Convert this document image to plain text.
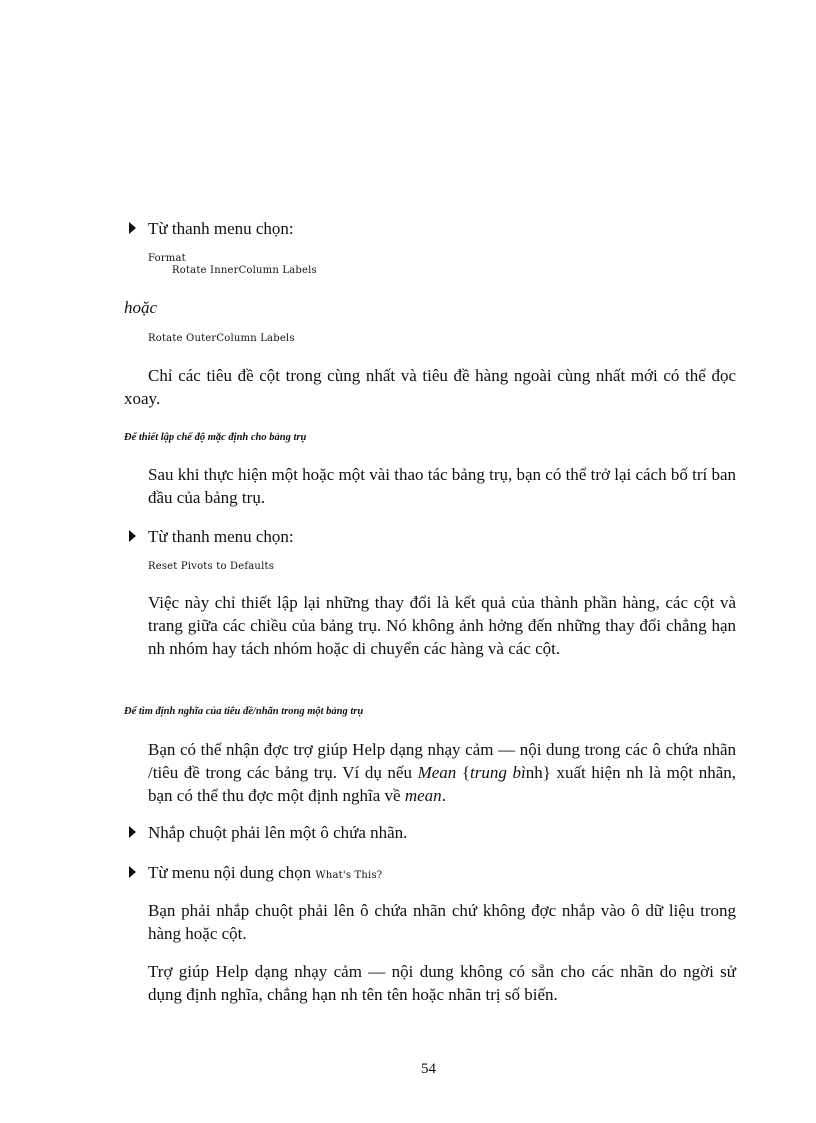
Từ thanh menu chọn:
Format
Rotate InnerColumn Labels
hoặc
Rotate OuterColumn Labels
Chỉ các tiêu đề cột trong cùng nhất và tiêu đề hàng ngoài cùng nhất mới có thể đọc xoay.
Để thiết lập chế độ mặc định cho bảng trụ
Sau khi thực hiện một hoặc một vài thao tác bảng trụ, bạn có thể trở lại cách bố trí ban đầu của bảng trụ.
Từ thanh menu chọn:
Reset Pivots to Defaults
Việc này chỉ thiết lập lại những thay đổi là kết quả của thành phần hàng, các cột và trang giữa các chiều của bảng trụ. Nó không ảnh hởng đến những thay đổi chẳng hạn nh nhóm hay tách nhóm hoặc di chuyển các hàng và các cột.
Để tìm định nghĩa của tiêu đề/nhãn trong một bảng trụ
Bạn có thể nhận đợc trợ giúp Help dạng nhạy cảm — nội dung trong các ô chứa nhãn /tiêu đề trong các bảng trụ. Ví dụ nếu Mean {trung bình} xuất hiện nh là một nhãn, bạn có thể thu đợc một định nghĩa về mean.
Nhắp chuột phải lên một ô chứa nhãn.
Từ menu nội dung chọn What's This?
Bạn phải nhắp chuột phải lên ô chứa nhãn chứ không đợc nhắp vào ô dữ liệu trong hàng hoặc cột.
Trợ giúp Help dạng nhạy cảm — nội dung không có sẵn cho các nhãn do ngời sử dụng định nghĩa, chẳng hạn nh tên tên hoặc nhãn trị số biến.
54
